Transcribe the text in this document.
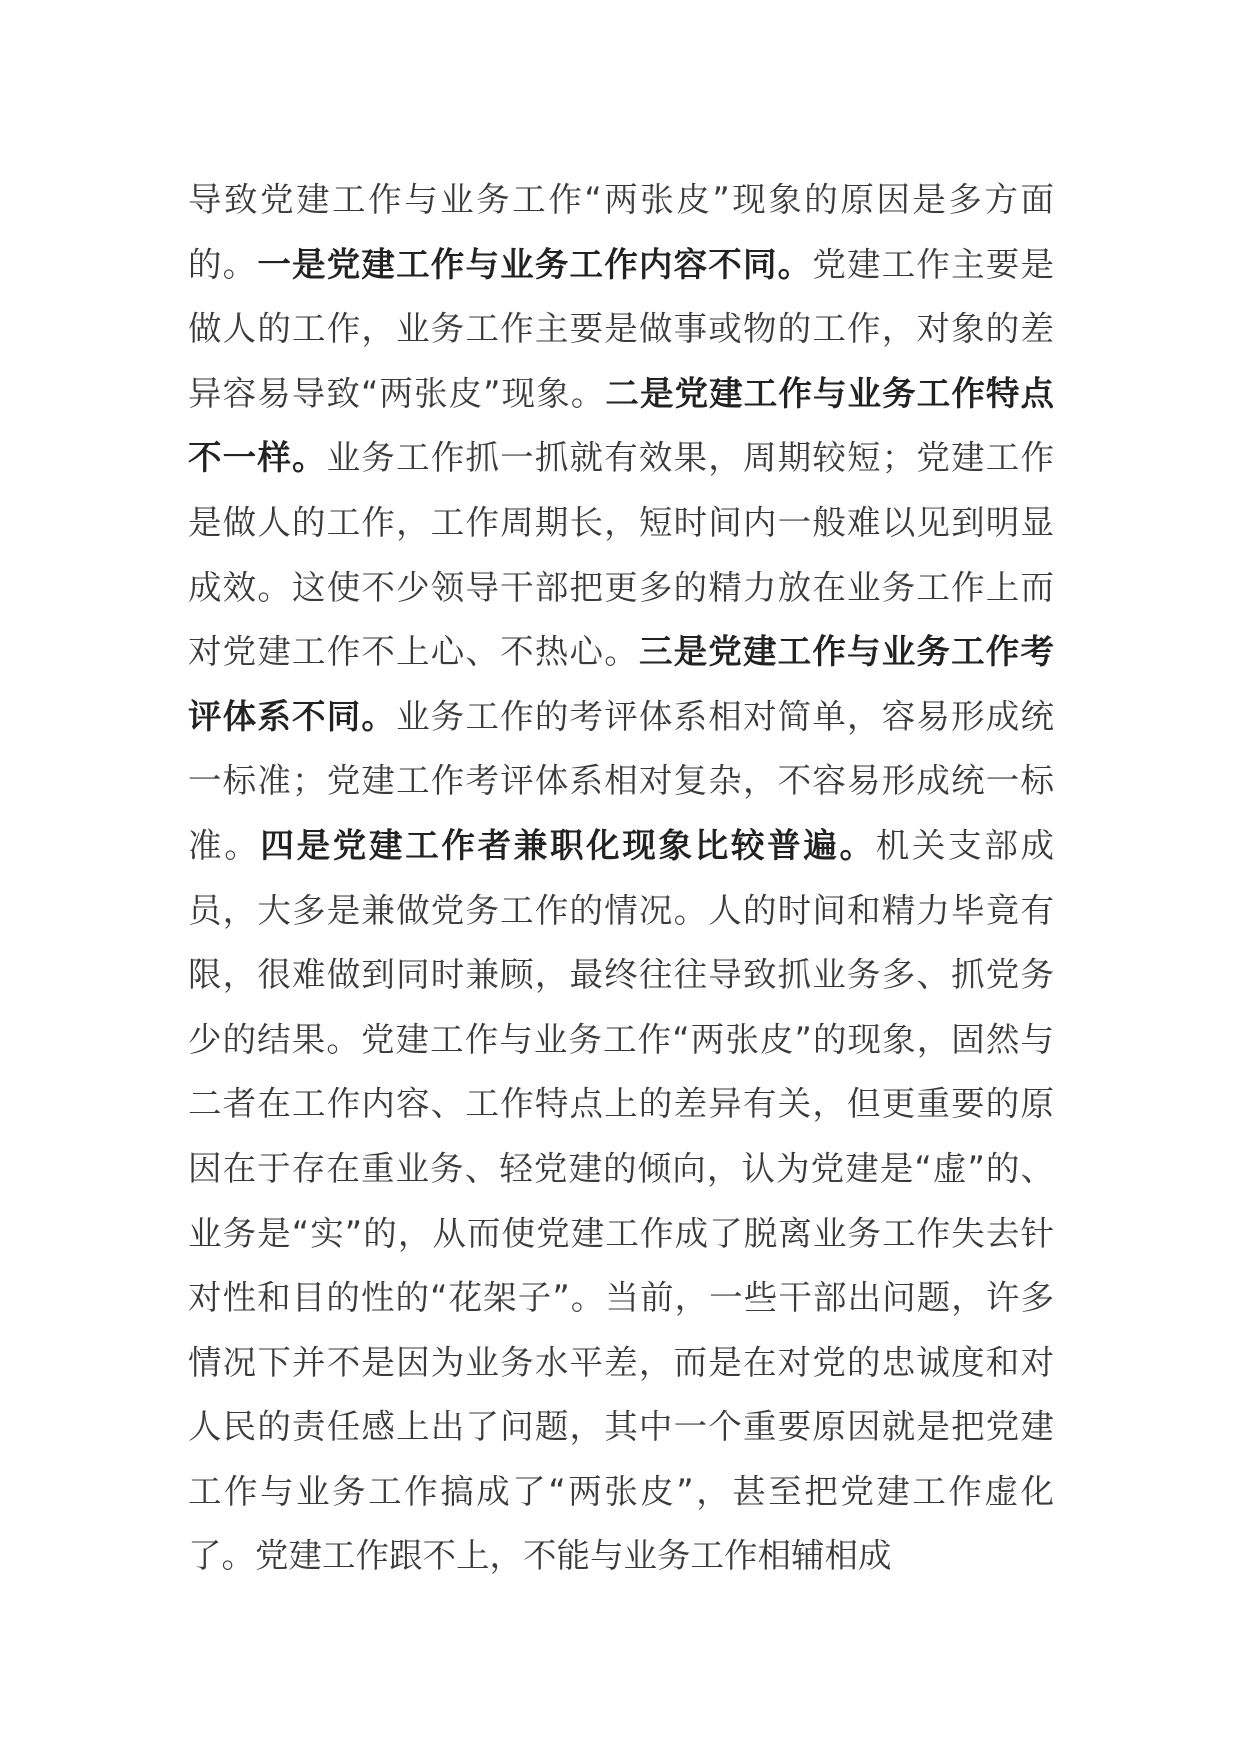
导致党建工作与业务工作“两张皮”现象的原因是多方面的。一是党建工作与业务工作内容不同。党建工作主要是做人的工作，业务工作主要是做事或物的工作，对象的差异容易导致“两张皮”现象。二是党建工作与业务工作特点不一样。业务工作抓一抓就有效果，周期较短；党建工作是做人的工作，工作周期长，短时间内一般难以见到明显成效。这使不少领导干部把更多的精力放在业务工作上而对党建工作不上心、不热心。三是党建工作与业务工作考评体系不同。业务工作的考评体系相对简单，容易形成统一标准；党建工作考评体系相对复杂，不容易形成统一标准。四是党建工作者兼职化现象比较普遍。机关支部成员，大多是兼做党务工作的情况。人的时间和精力毕竟有限，很难做到同时兼顾，最终往往导致抓业务多、抓党务少的结果。党建工作与业务工作“两张皮”的现象，固然与二者在工作内容、工作特点上的差异有关，但更重要的原因在于存在重业务、轻党建的倾向，认为党建是“虚”的、业务是“实”的，从而使党建工作成了脱离业务工作失去针对性和目的性的“花架子”。当前，一些干部出问题，许多情况下并不是因为业务水平差，而是在对党的忠诚度和对人民的责任感上出了问题，其中一个重要原因就是把党建工作与业务工作搞成了“两张皮”，甚至把党建工作虚化了。党建工作跟不上，不能与业务工作相辅相成
